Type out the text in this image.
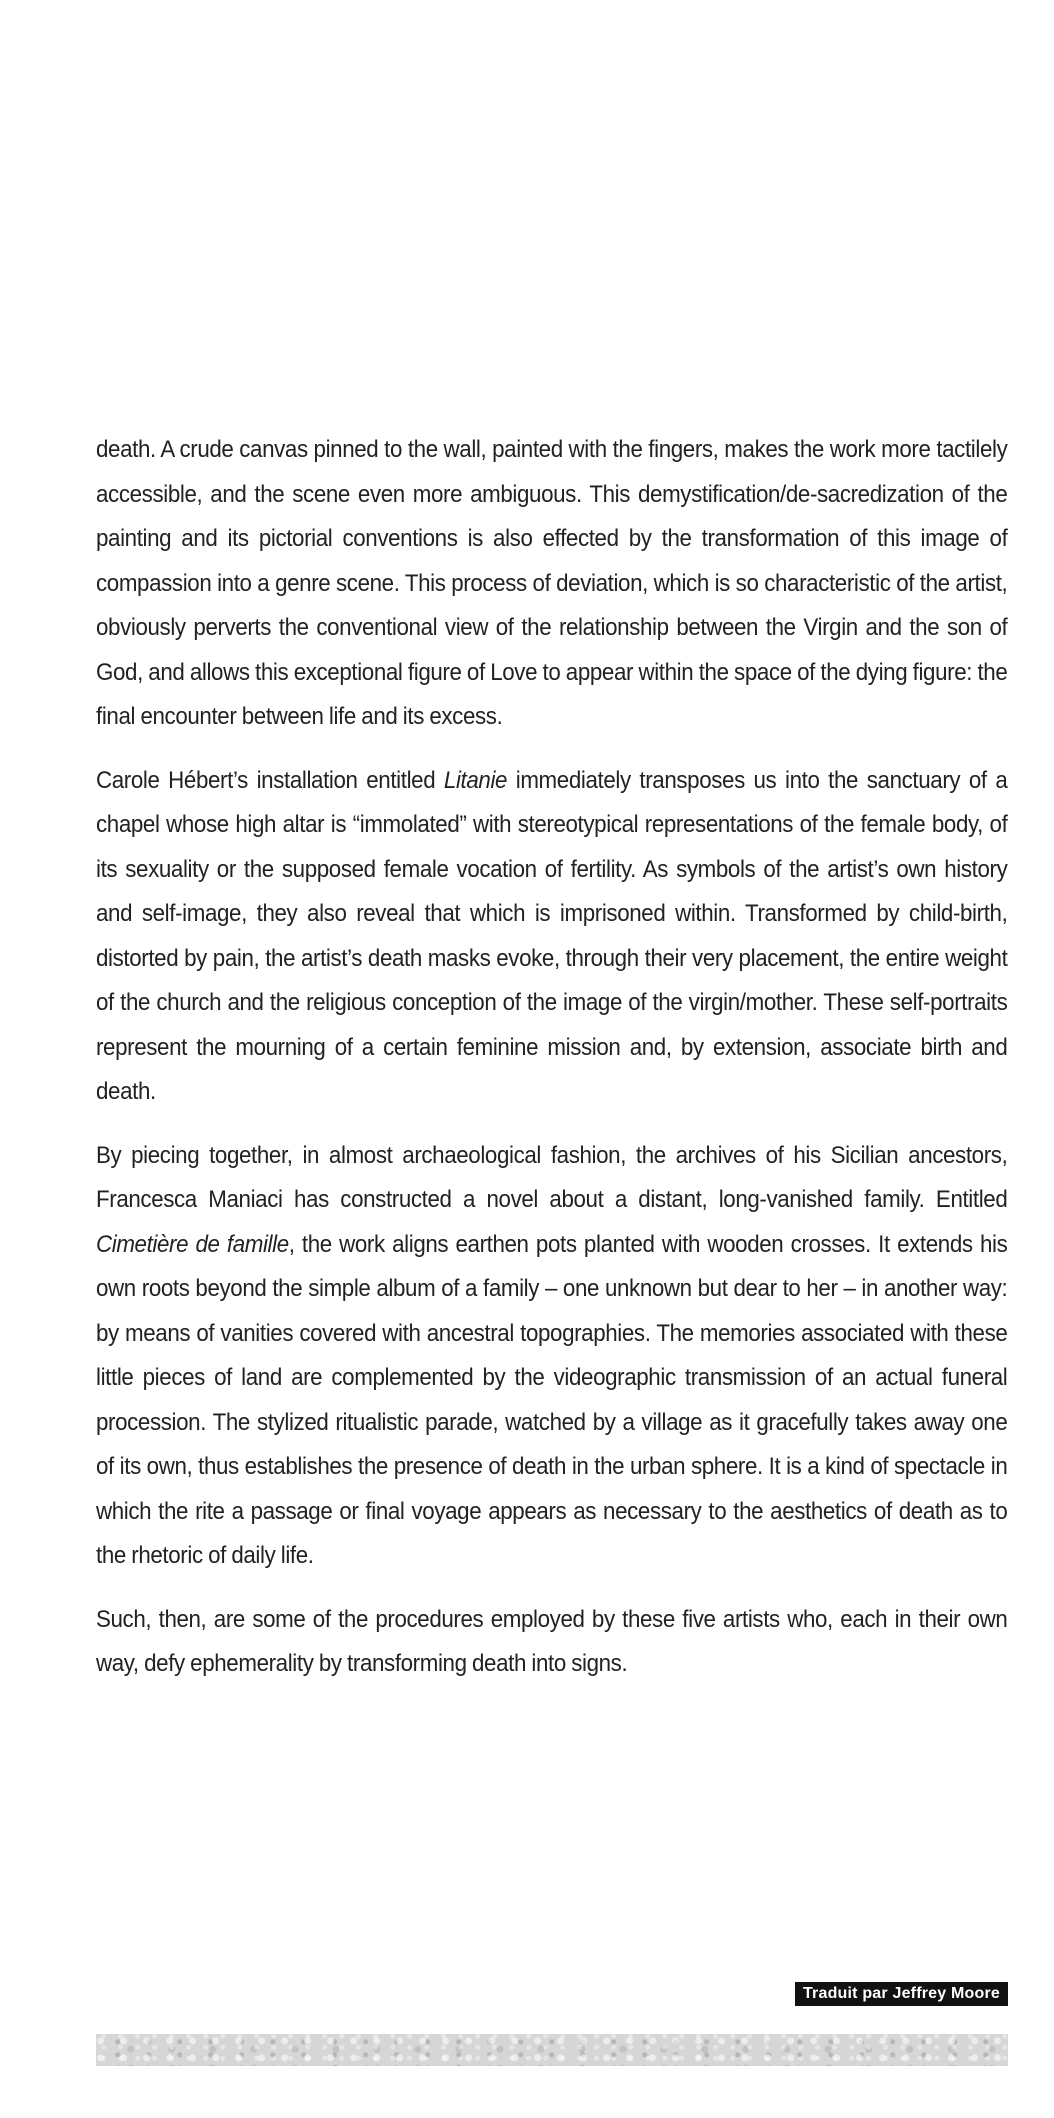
death. A crude canvas pinned to the wall, painted with the fingers, makes the work more tactilely accessible, and the scene even more ambiguous. This demystification/de-sacredization of the painting and its pictorial conventions is also effected by the transformation of this image of compassion into a genre scene. This process of deviation, which is so characteristic of the artist, obviously perverts the conventional view of the relationship between the Virgin and the son of God, and allows this exceptional figure of Love to appear within the space of the dying figure: the final encounter between life and its excess.

Carole Hébert’s installation entitled Litanie immediately transposes us into the sanctuary of a chapel whose high altar is “immolated” with stereotypical representations of the female body, of its sexuality or the supposed female vocation of fertility. As symbols of the artist’s own history and self-image, they also reveal that which is imprisoned within. Transformed by child-birth, distorted by pain, the artist’s death masks evoke, through their very placement, the entire weight of the church and the religious conception of the image of the virgin/mother. These self-portraits represent the mourning of a certain feminine mission and, by extension, associate birth and death.

By piecing together, in almost archaeological fashion, the archives of his Sicilian ancestors, Francesca Maniaci has constructed a novel about a distant, long-vanished family. Entitled Cimetière de famille, the work aligns earthen pots planted with wooden crosses. It extends his own roots beyond the simple album of a family – one unknown but dear to her – in another way: by means of vanities covered with ancestral topographies. The memories associated with these little pieces of land are complemented by the videographic transmission of an actual funeral procession. The stylized ritualistic parade, watched by a village as it gracefully takes away one of its own, thus establishes the presence of death in the urban sphere. It is a kind of spectacle in which the rite a passage or final voyage appears as necessary to the aesthetics of death as to the rhetoric of daily life.

Such, then, are some of the procedures employed by these five artists who, each in their own way, defy ephemerality by transforming death into signs.

Traduit par Jeffrey Moore
